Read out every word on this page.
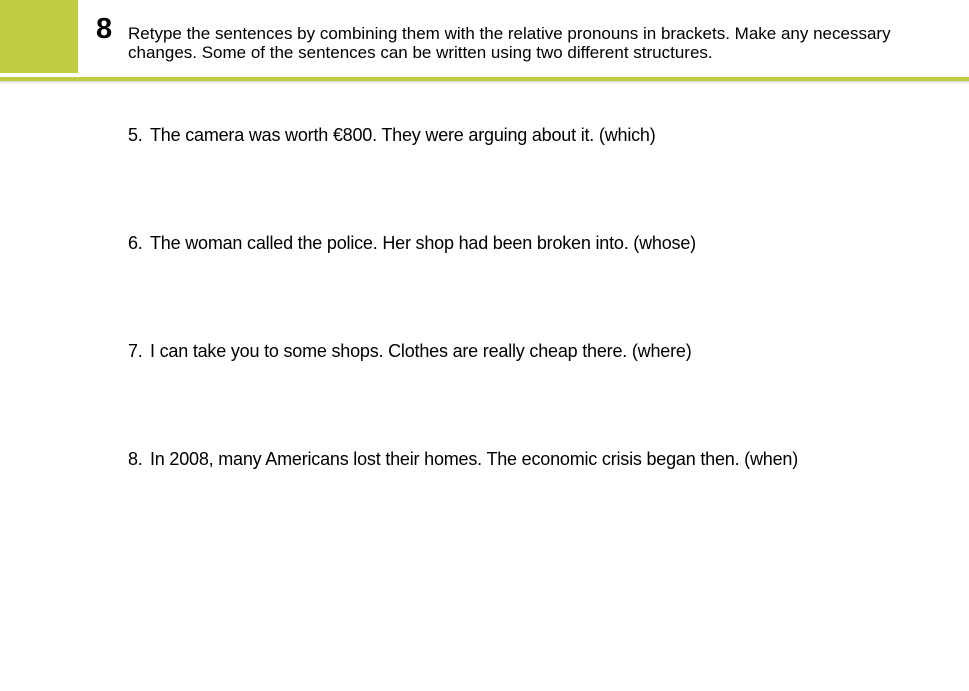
8 Retype the sentences by combining them with the relative pronouns in brackets. Make any necessary changes. Some of the sentences can be written using two different structures.
5. The camera was worth €800. They were arguing about it. (which)
6. The woman called the police. Her shop had been broken into. (whose)
7. I can take you to some shops. Clothes are really cheap there. (where)
8. In 2008, many Americans lost their homes. The economic crisis began then. (when)
